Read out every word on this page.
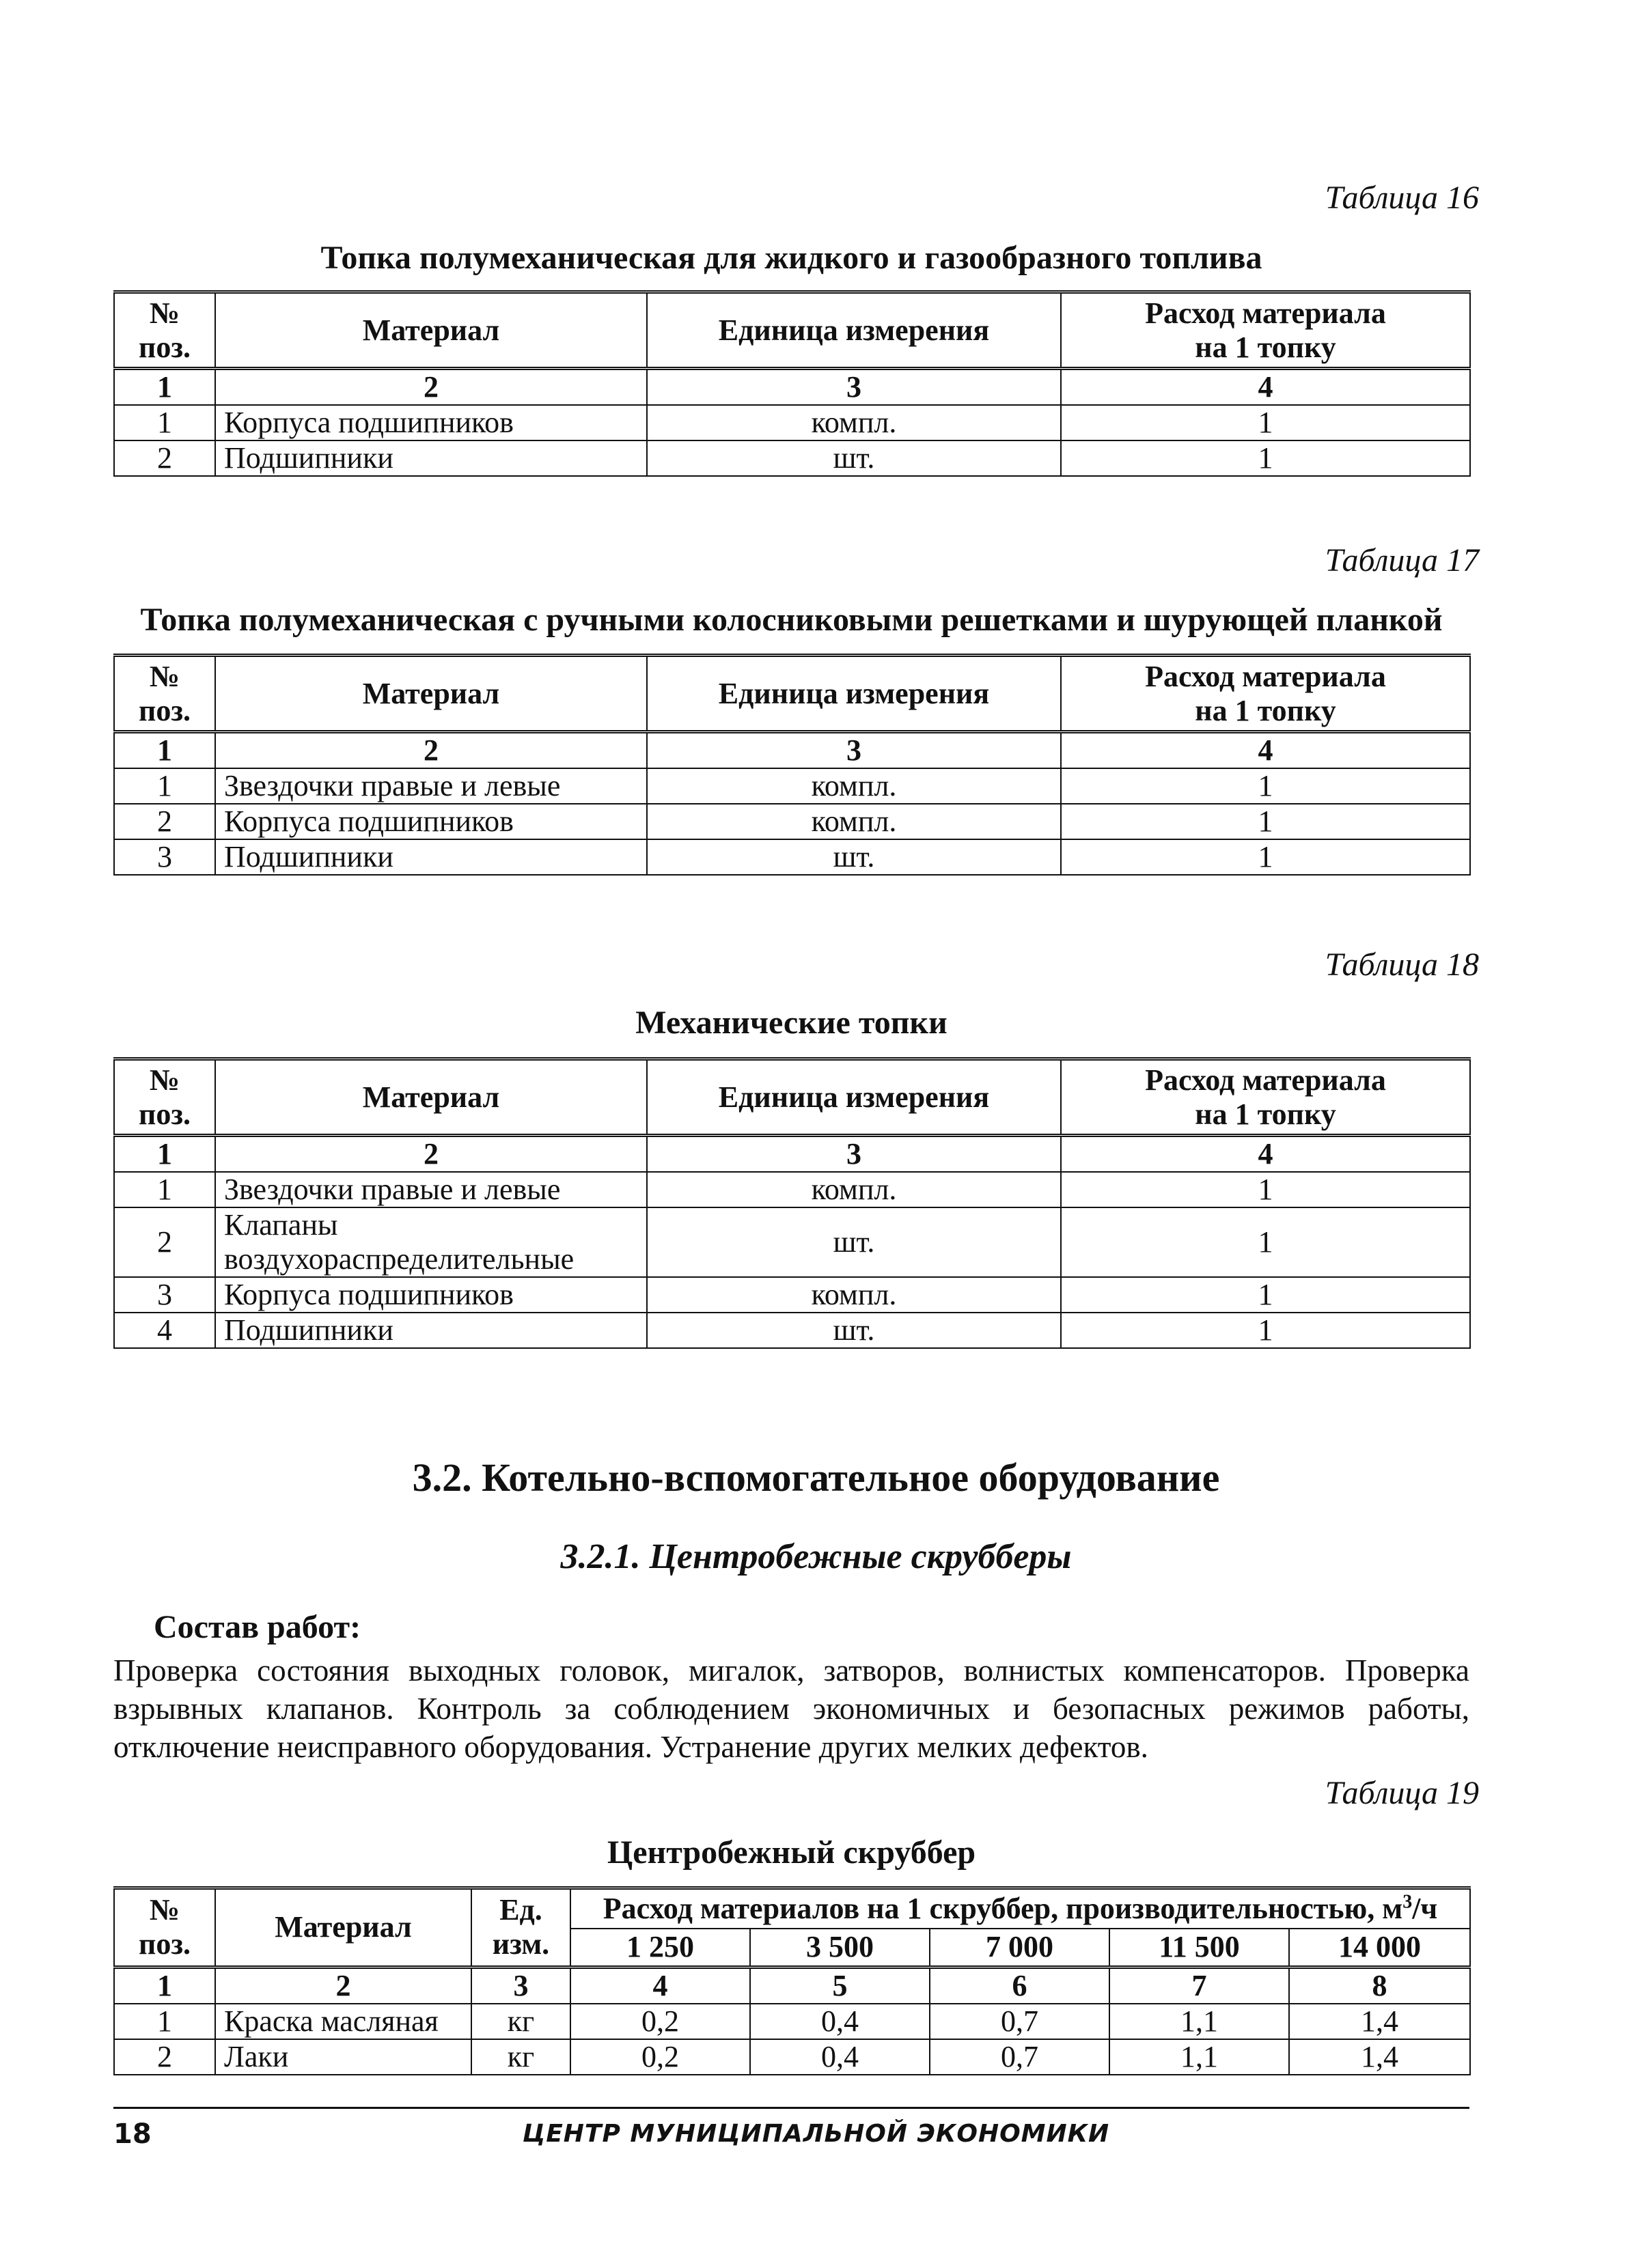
Таблица 16
Топка полумеханическая для жидкого и газообразного топлива
№
поз.	Материал	Единица измерения	Расход материала
на 1 топку
1	2	3	4
1	Корпуса подшипников	компл.	1
2	Подшипники	шт.	1
Таблица 17
Топка полумеханическая с ручными колосниковыми решетками и шурующей планкой
№
поз.	Материал	Единица измерения	Расход материала
на 1 топку
1	2	3	4
1	Звездочки правые и левые	компл.	1
2	Корпуса подшипников	компл.	1
3	Подшипники	шт.	1
Таблица 18
Механические топки
№
поз.	Материал	Единица измерения	Расход материала
на 1 топку
1	2	3	4
1	Звездочки правые и левые	компл.	1
2	Клапаны
воздухораспределительные	шт.	1
3	Корпуса подшипников	компл.	1
4	Подшипники	шт.	1
3.2. Котельно-вспомогательное оборудование
3.2.1. Центробежные скрубберы
Состав работ:
Проверка состояния выходных головок, мигалок, затворов, волнистых компенсаторов. Проверка взрывных клапанов. Контроль за соблюдением экономичных и безопасных режимов работы, отключение неисправного оборудования. Устранение других мелких дефектов.
Таблица 19
Центробежный скруббер
№
поз.	Материал	Ед.
изм.	Расход материалов на 1 скруббер, производительностью, $м^3/ч$				
			1 250	3 500	7 000	11 500	14 000
1	2	3	4	5	6	7	8
1	Краска масляная	кг	0,2	0,4	0,7	1,1	1,4
2	Лаки	кг	0,2	0,4	0,7	1,1	1,4
18	ЦЕНТР МУНИЦИПАЛЬНОЙ ЭКОНОМИКИ
